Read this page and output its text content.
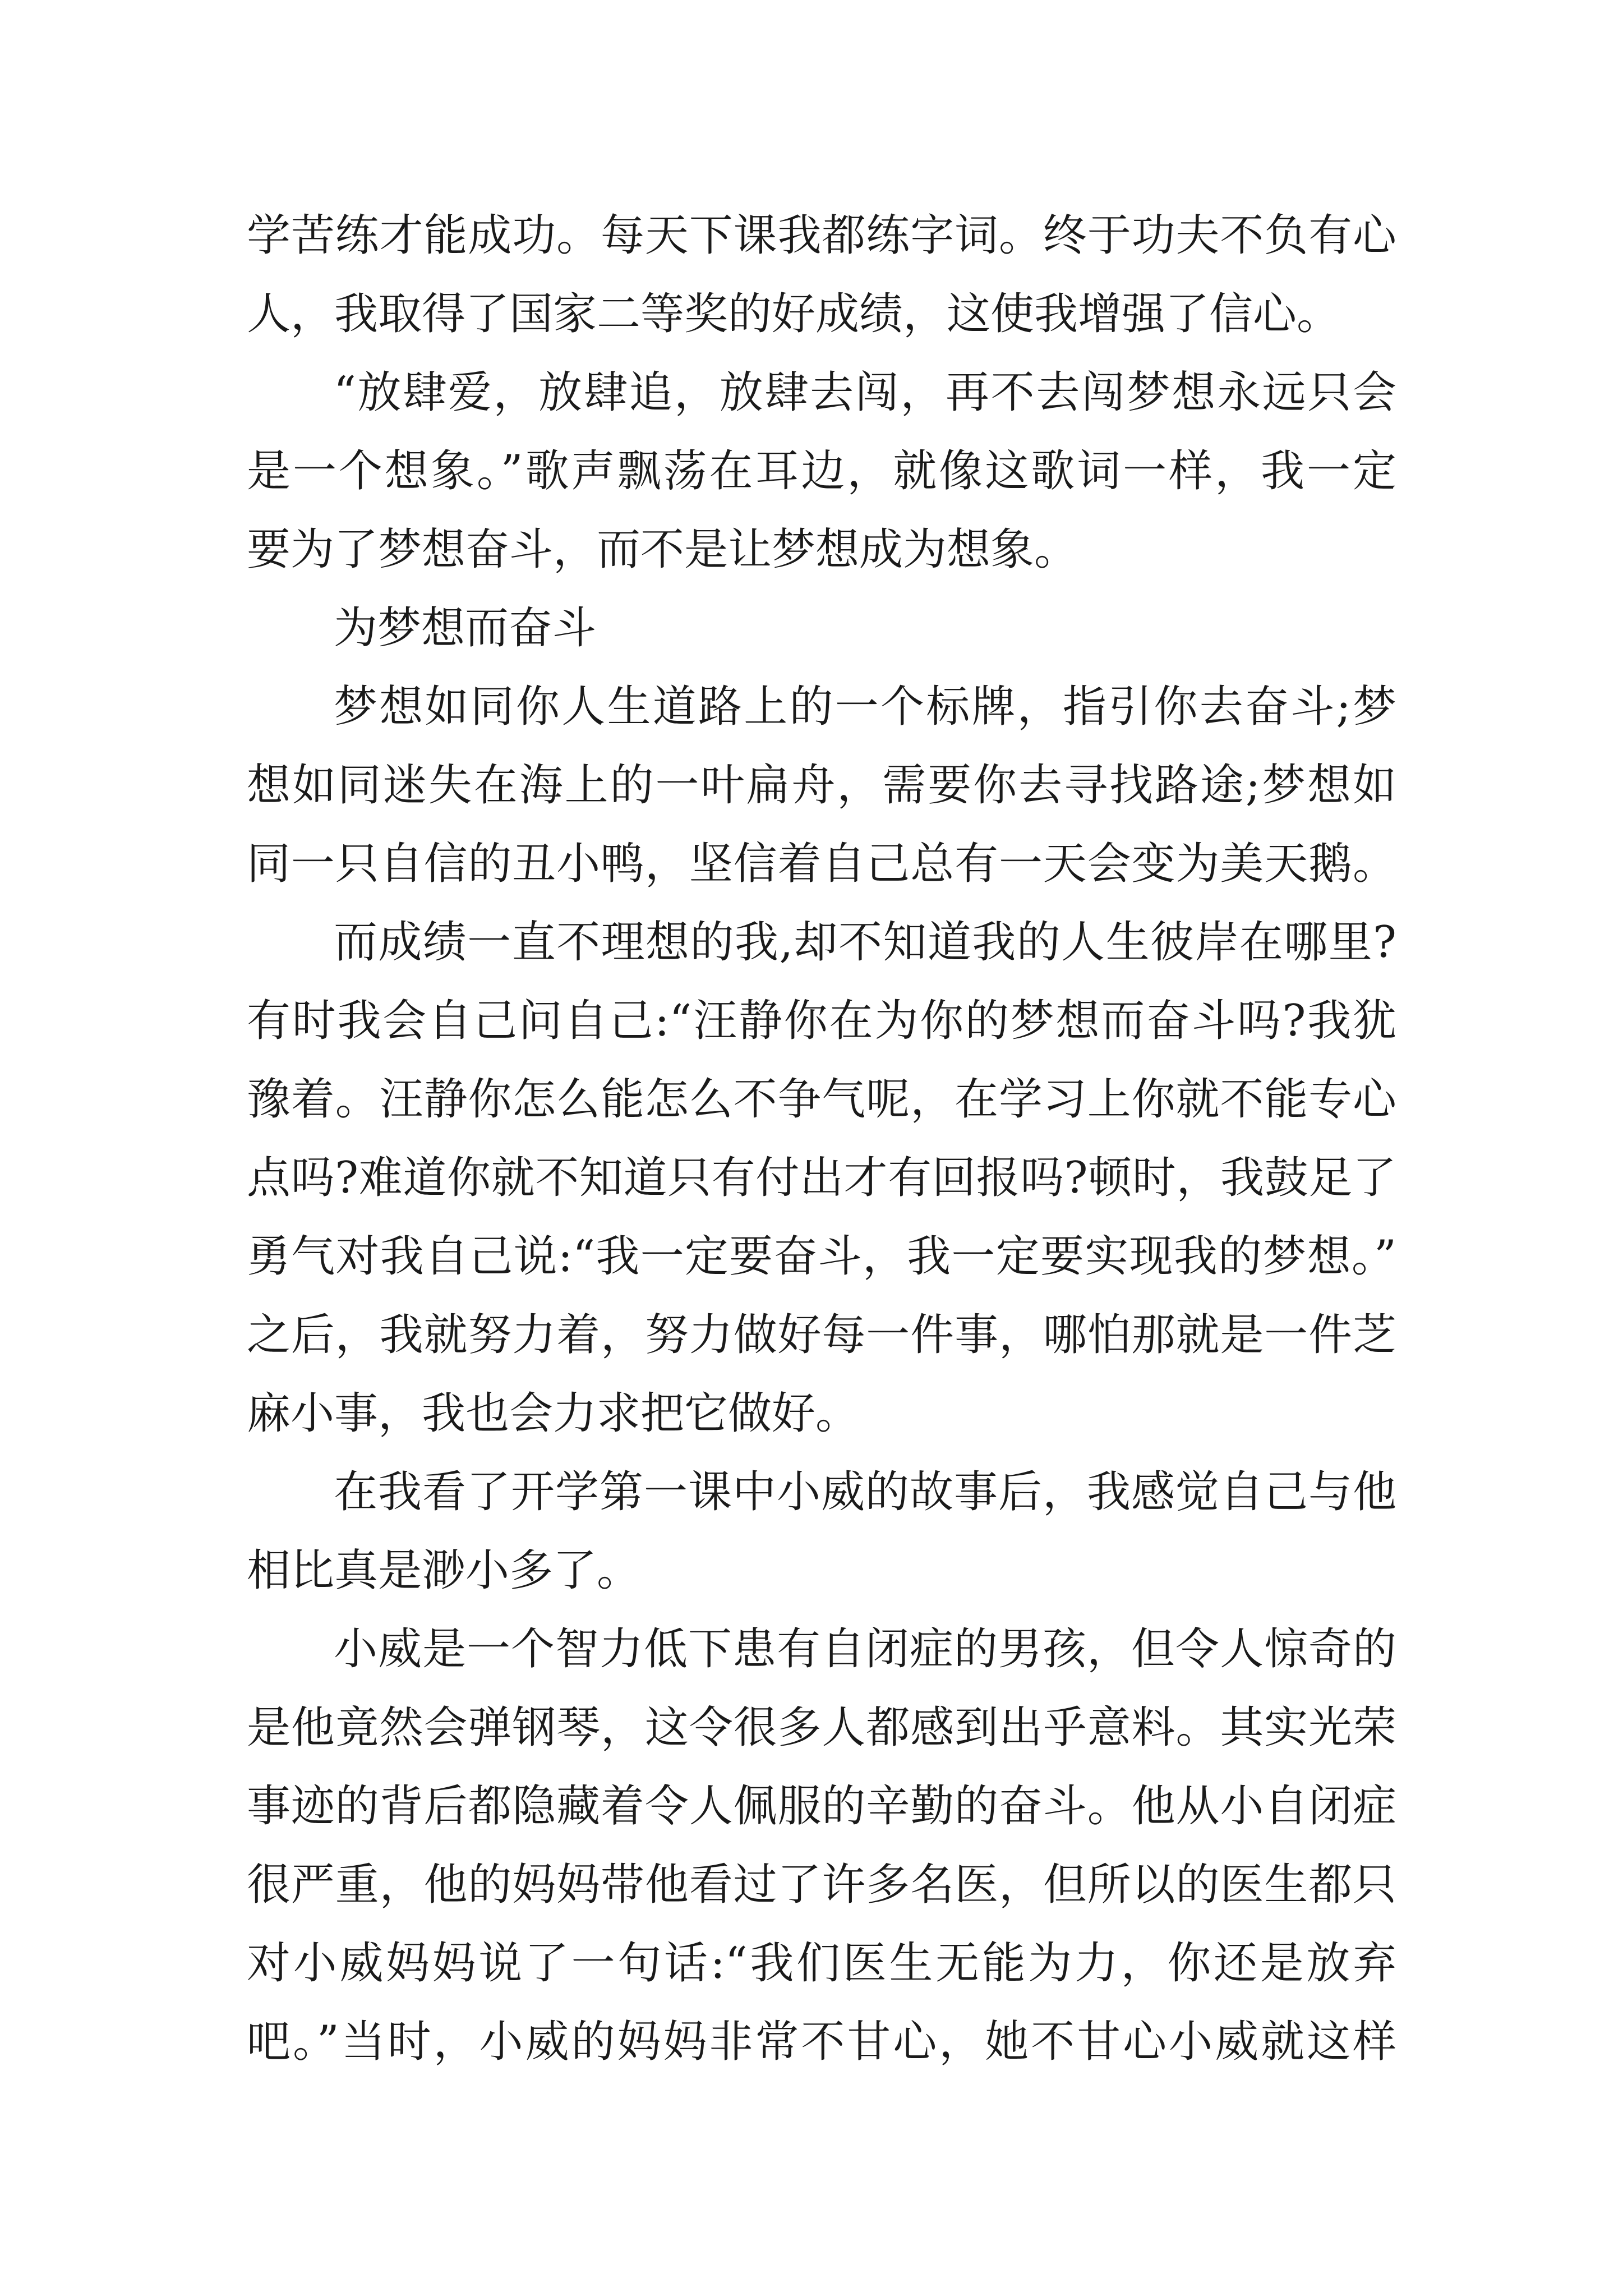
学苦练才能成功。每天下课我都练字词。终于功夫不负有心
人，我取得了国家二等奖的好成绩，这使我增强了信心。
“放肆爱，放肆追，放肆去闯，再不去闯梦想永远只会
是一个想象。”歌声飘荡在耳边，就像这歌词一样，我一定
要为了梦想奋斗，而不是让梦想成为想象。
为梦想而奋斗
梦想如同你人生道路上的一个标牌，指引你去奋斗;梦
想如同迷失在海上的一叶扁舟，需要你去寻找路途;梦想如
同一只自信的丑小鸭，坚信着自己总有一天会变为美天鹅。
而成绩一直不理想的我,却不知道我的人生彼岸在哪里?
有时我会自己问自己:“汪静你在为你的梦想而奋斗吗?我犹
豫着。汪静你怎么能怎么不争气呢，在学习上你就不能专心
点吗?难道你就不知道只有付出才有回报吗?顿时，我鼓足了
勇气对我自己说:“我一定要奋斗，我一定要实现我的梦想。”
之后，我就努力着，努力做好每一件事，哪怕那就是一件芝
麻小事，我也会力求把它做好。
在我看了开学第一课中小威的故事后，我感觉自己与他
相比真是渺小多了。
小威是一个智力低下患有自闭症的男孩，但令人惊奇的
是他竟然会弹钢琴，这令很多人都感到出乎意料。其实光荣
事迹的背后都隐藏着令人佩服的辛勤的奋斗。他从小自闭症
很严重，他的妈妈带他看过了许多名医，但所以的医生都只
对小威妈妈说了一句话:“我们医生无能为力，你还是放弃
吧。”当时，小威的妈妈非常不甘心，她不甘心小威就这样
